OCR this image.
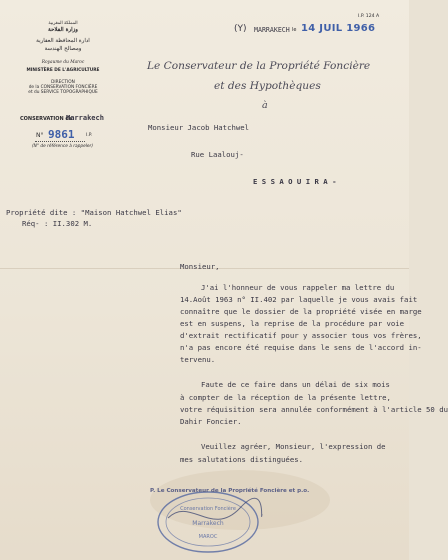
المملكة المغربية
وزارة الفلاحة
ادارة المحافظة العقارية
ومصالح الهندسة
Royaume du Maroc
MINISTÈRE DE L'AGRICULTURE
DIRECTION
de la CONSERVATION FONCIÈRE
et du SERVICE TOPOGRAPHIQUE
CONSERVATION de
Marrakech
N° 9861	I.P.
(N° de référence à rappeler)
I.P. 124 A
(Y) MARRAKECH le 14 JUIL 1966
Le Conservateur de la Propriété Foncière
et des Hypothèques
à
Monsieur Jacob Hatchwel
Rue Laalouj-
E S S A O U I R A -
Propriété dite : "Maison Hatchwel Elias"
Réq- : II.302 M.
Monsieur,
J'ai l'honneur de vous rappeler ma lettre du
14.Août 1963 n° II.402 par laquelle je vous avais fait
connaître que le dossier de la propriété visée en marge
est en suspens, la reprise de la procédure par voie
d'extrait rectificatif pour y associer tous vos frères,
n'a pas encore été requise dans le sens de l'accord in-
tervenu.
Faute de ce faire dans un délai de six mois
à compter de la réception de la présente lettre,
votre réquisition sera annulée conformément à l'article 50 du
Dahir Foncier.
Veuillez agréer, Monsieur, l'expression de
mes salutations distinguées.
Conservation Foncière
Marrakech
MAROC
P. Le Conservateur de la Propriété Foncière et p.o.
